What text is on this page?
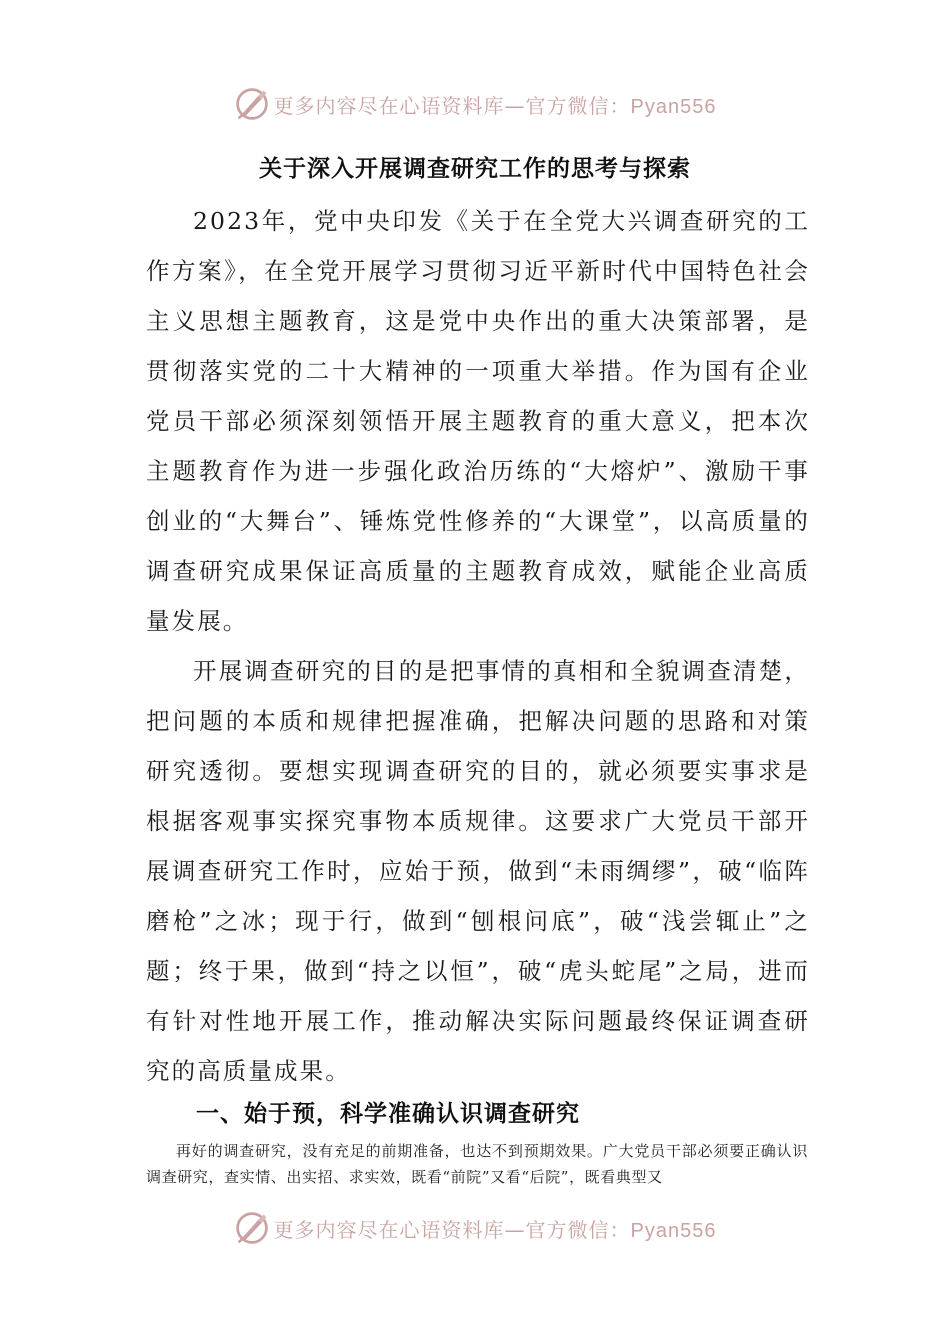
更多内容尽在心语资料库—官方微信：Pyan556
关于深入开展调查研究工作的思考与探索

2023年，党中央印发《关于在全党大兴调查研究的工作方案》，在全党开展学习贯彻习近平新时代中国特色社会主义思想主题教育，这是党中央作出的重大决策部署，是贯彻落实党的二十大精神的一项重大举措。作为国有企业党员干部必须深刻领悟开展主题教育的重大意义，把本次主题教育作为进一步强化政治历练的“大熔炉”、激励干事创业的“大舞台”、锤炼党性修养的“大课堂”，以高质量的调查研究成果保证高质量的主题教育成效，赋能企业高质量发展。

开展调查研究的目的是把事情的真相和全貌调查清楚，把问题的本质和规律把握准确，把解决问题的思路和对策研究透彻。要想实现调查研究的目的，就必须要实事求是根据客观事实探究事物本质规律。这要求广大党员干部开展调查研究工作时，应始于预，做到“未雨绸缪”，破“临阵磨枪”之冰；现于行，做到“刨根问底”，破“浅尝辄止”之题；终于果，做到“持之以恒”，破“虎头蛇尾”之局，进而有针对性地开展工作，推动解决实际问题最终保证调查研究的高质量成果。

一、始于预，科学准确认识调查研究

再好的调查研究，没有充足的前期准备，也达不到预期效果。广大党员干部必须要正确认识调查研究，查实情、出实招、求实效，既看“前院”又看“后院”，既看典型又

更多内容尽在心语资料库—官方微信：Pyan556
